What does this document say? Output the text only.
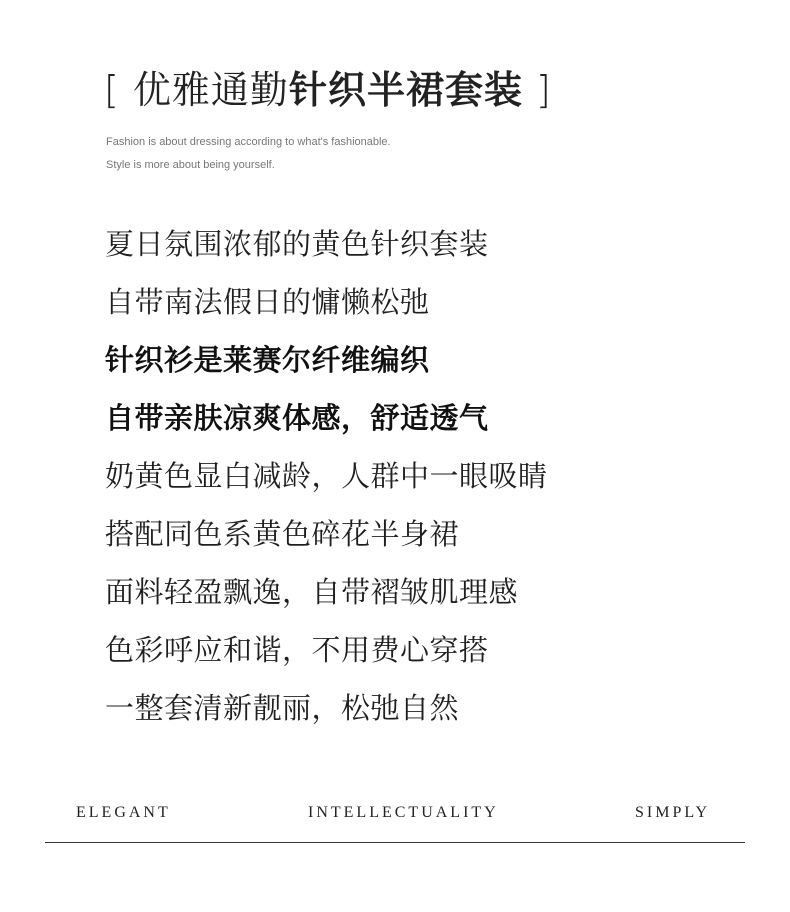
[ 优雅通勤针织半裙套装 ]
Fashion is about dressing according to what's fashionable.
Style is more about being yourself.
夏日氛围浓郁的黄色针织套装
自带南法假日的慵懒松弛
针织衫是莱赛尔纤维编织
自带亲肤凉爽体感，舒适透气
奶黄色显白减龄，人群中一眼吸睛
搭配同色系黄色碎花半身裙
面料轻盈飘逸，自带褶皱肌理感
色彩呼应和谐，不用费心穿搭
一整套清新靓丽，松弛自然
ELEGANT	INTELLECTUALITY	SIMPLY
